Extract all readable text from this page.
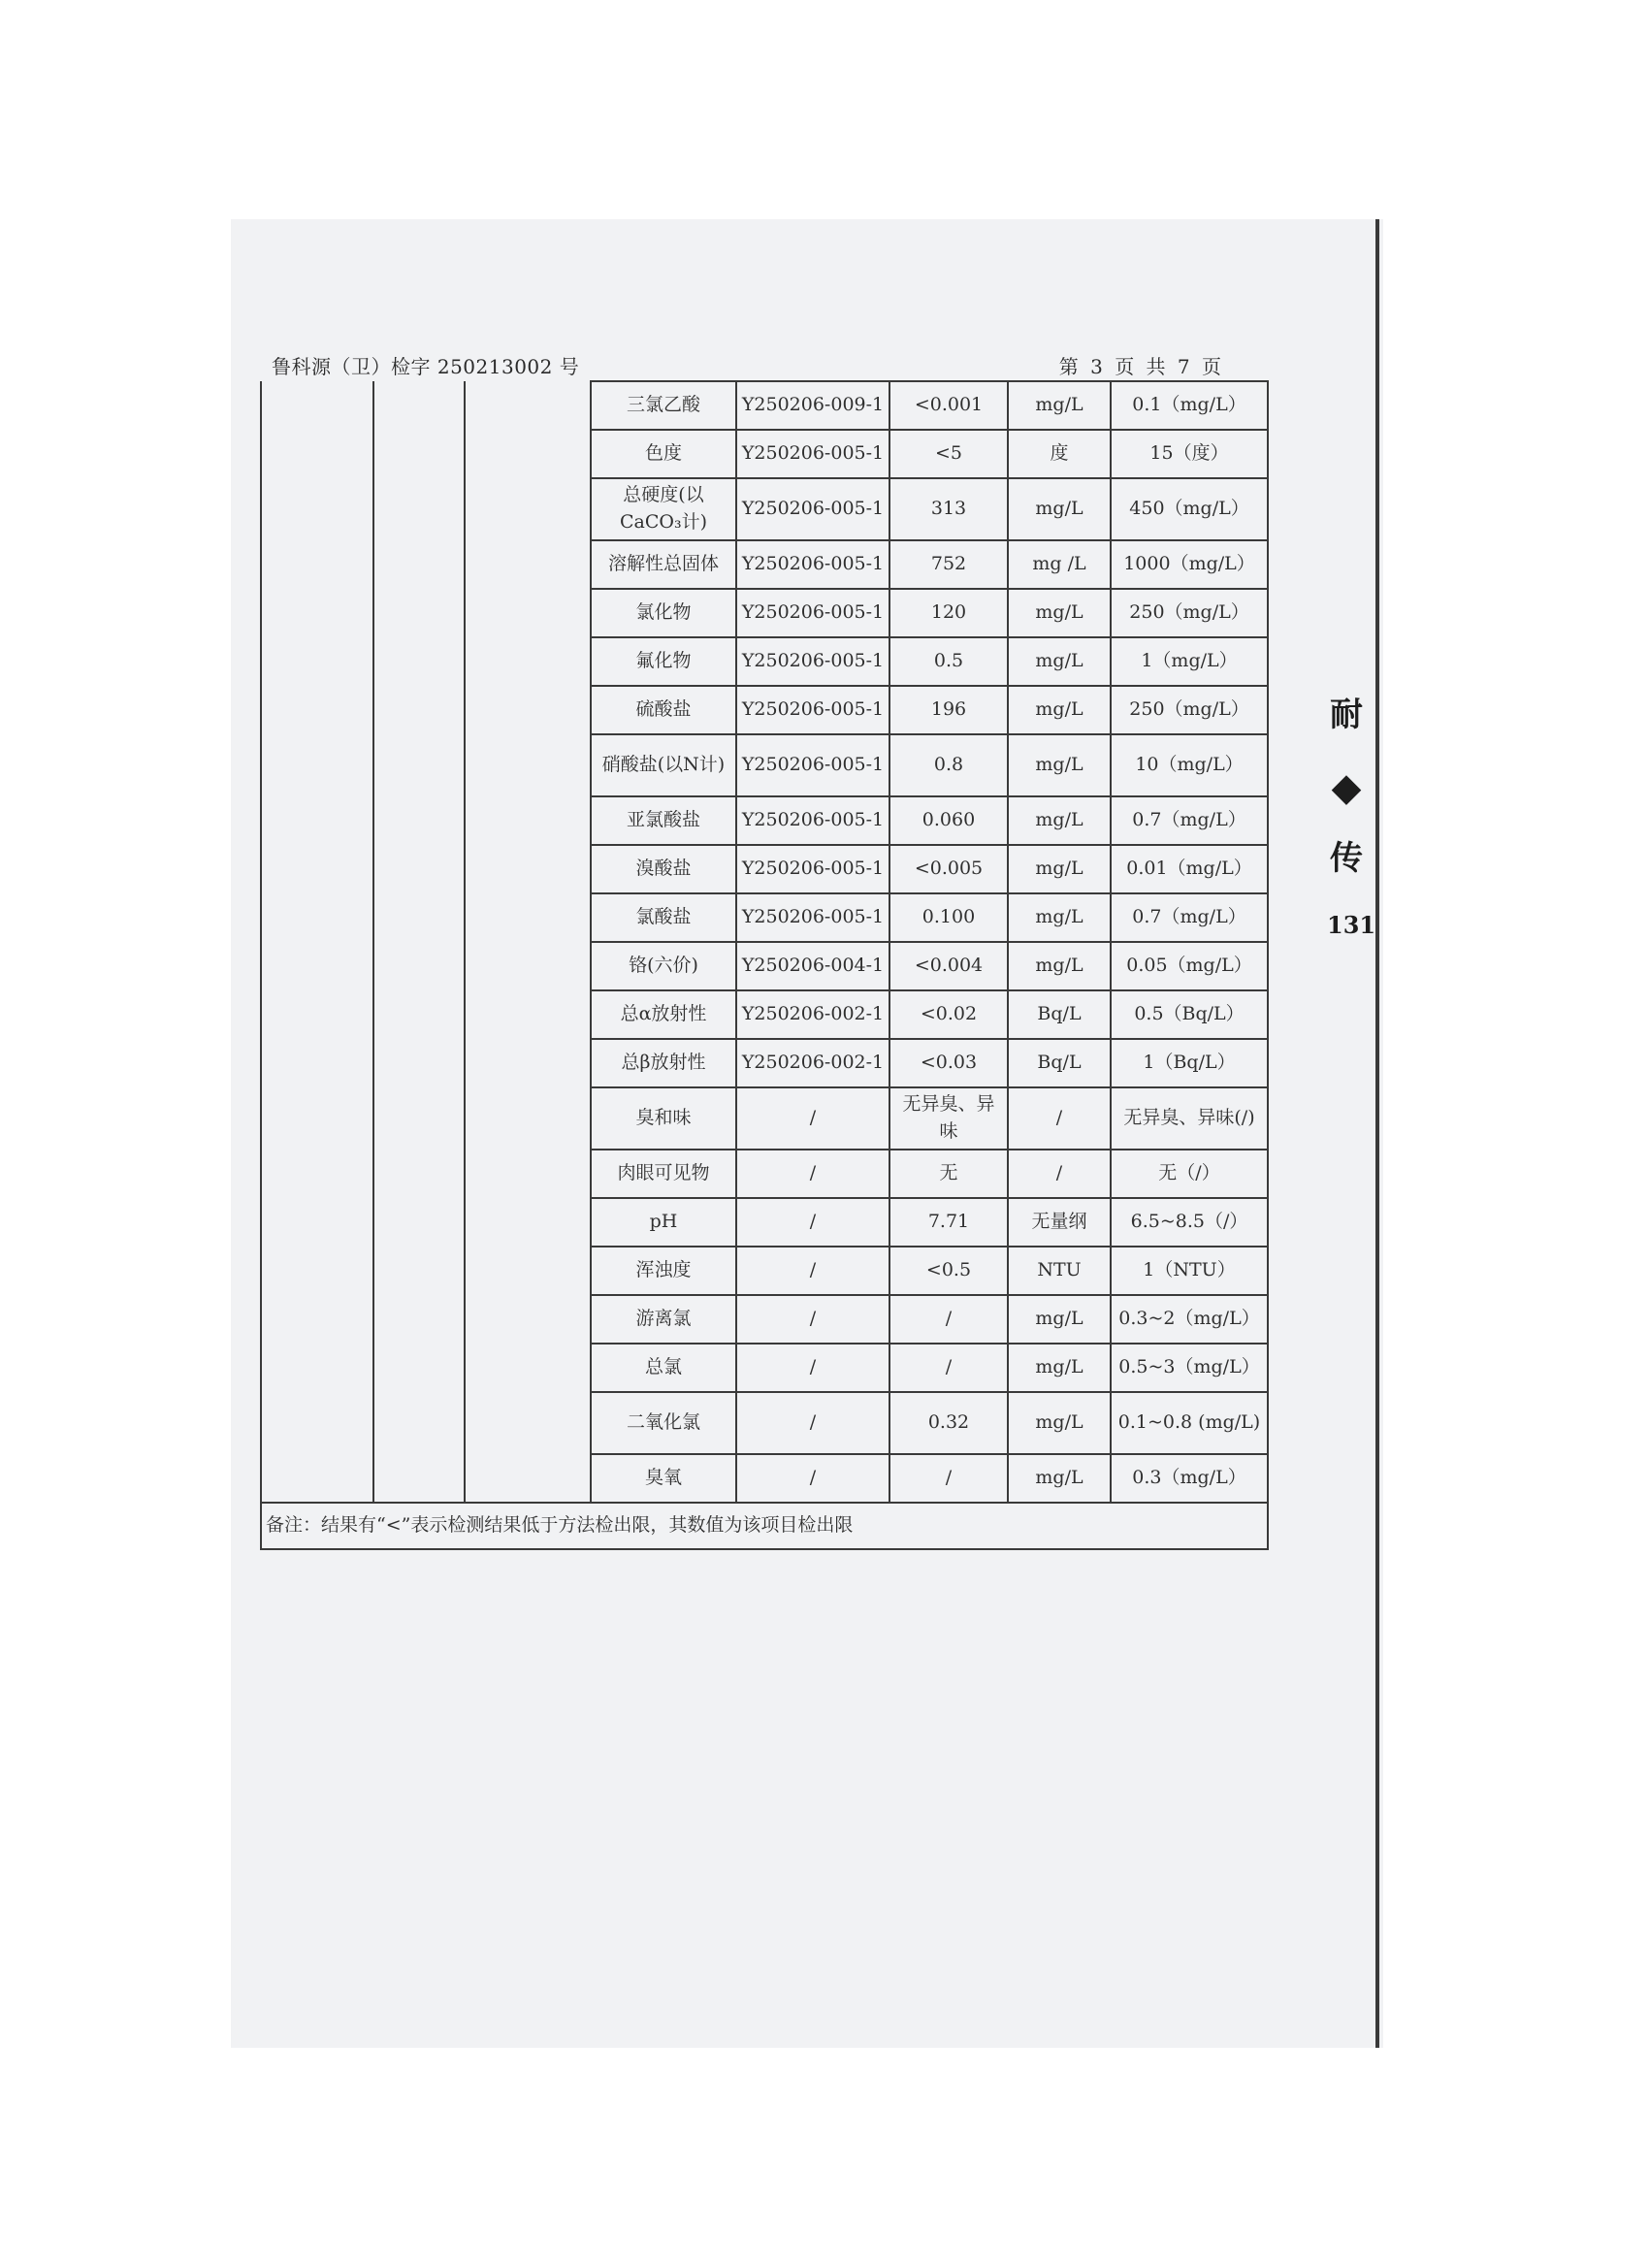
耐
◆
传
131
鲁科源（卫）检字 250213002 号	第 3 页 共 7 页
			三氯乙酸	Y250206-009-1	<0.001	mg/L	0.1（mg/L）
			色度	Y250206-005-1	<5	度	15（度）
			总硬度(以CaCO₃计)	Y250206-005-1	313	mg/L	450（mg/L）
			溶解性总固体	Y250206-005-1	752	mg /L	1000（mg/L）
			氯化物	Y250206-005-1	120	mg/L	250（mg/L）
			氟化物	Y250206-005-1	0.5	mg/L	1（mg/L）
			硫酸盐	Y250206-005-1	196	mg/L	250（mg/L）
			硝酸盐(以N计)	Y250206-005-1	0.8	mg/L	10（mg/L）
			亚氯酸盐	Y250206-005-1	0.060	mg/L	0.7（mg/L）
			溴酸盐	Y250206-005-1	<0.005	mg/L	0.01（mg/L）
			氯酸盐	Y250206-005-1	0.100	mg/L	0.7（mg/L）
			铬(六价)	Y250206-004-1	<0.004	mg/L	0.05（mg/L）
			总α放射性	Y250206-002-1	<0.02	Bq/L	0.5（Bq/L）
			总β放射性	Y250206-002-1	<0.03	Bq/L	1（Bq/L）
			臭和味	/	无异臭、异味	/	无异臭、异味(/)
			肉眼可见物	/	无	/	无（/）
			pH	/	7.71	无量纲	6.5~8.5（/）
			浑浊度	/	<0.5	NTU	1（NTU）
			游离氯	/	/	mg/L	0.3~2（mg/L）
			总氯	/	/	mg/L	0.5~3（mg/L）
			二氧化氯	/	0.32	mg/L	0.1~0.8 (mg/L)
			臭氧	/	/	mg/L	0.3（mg/L）
备注：结果有“<”表示检测结果低于方法检出限，其数值为该项目检出限							
